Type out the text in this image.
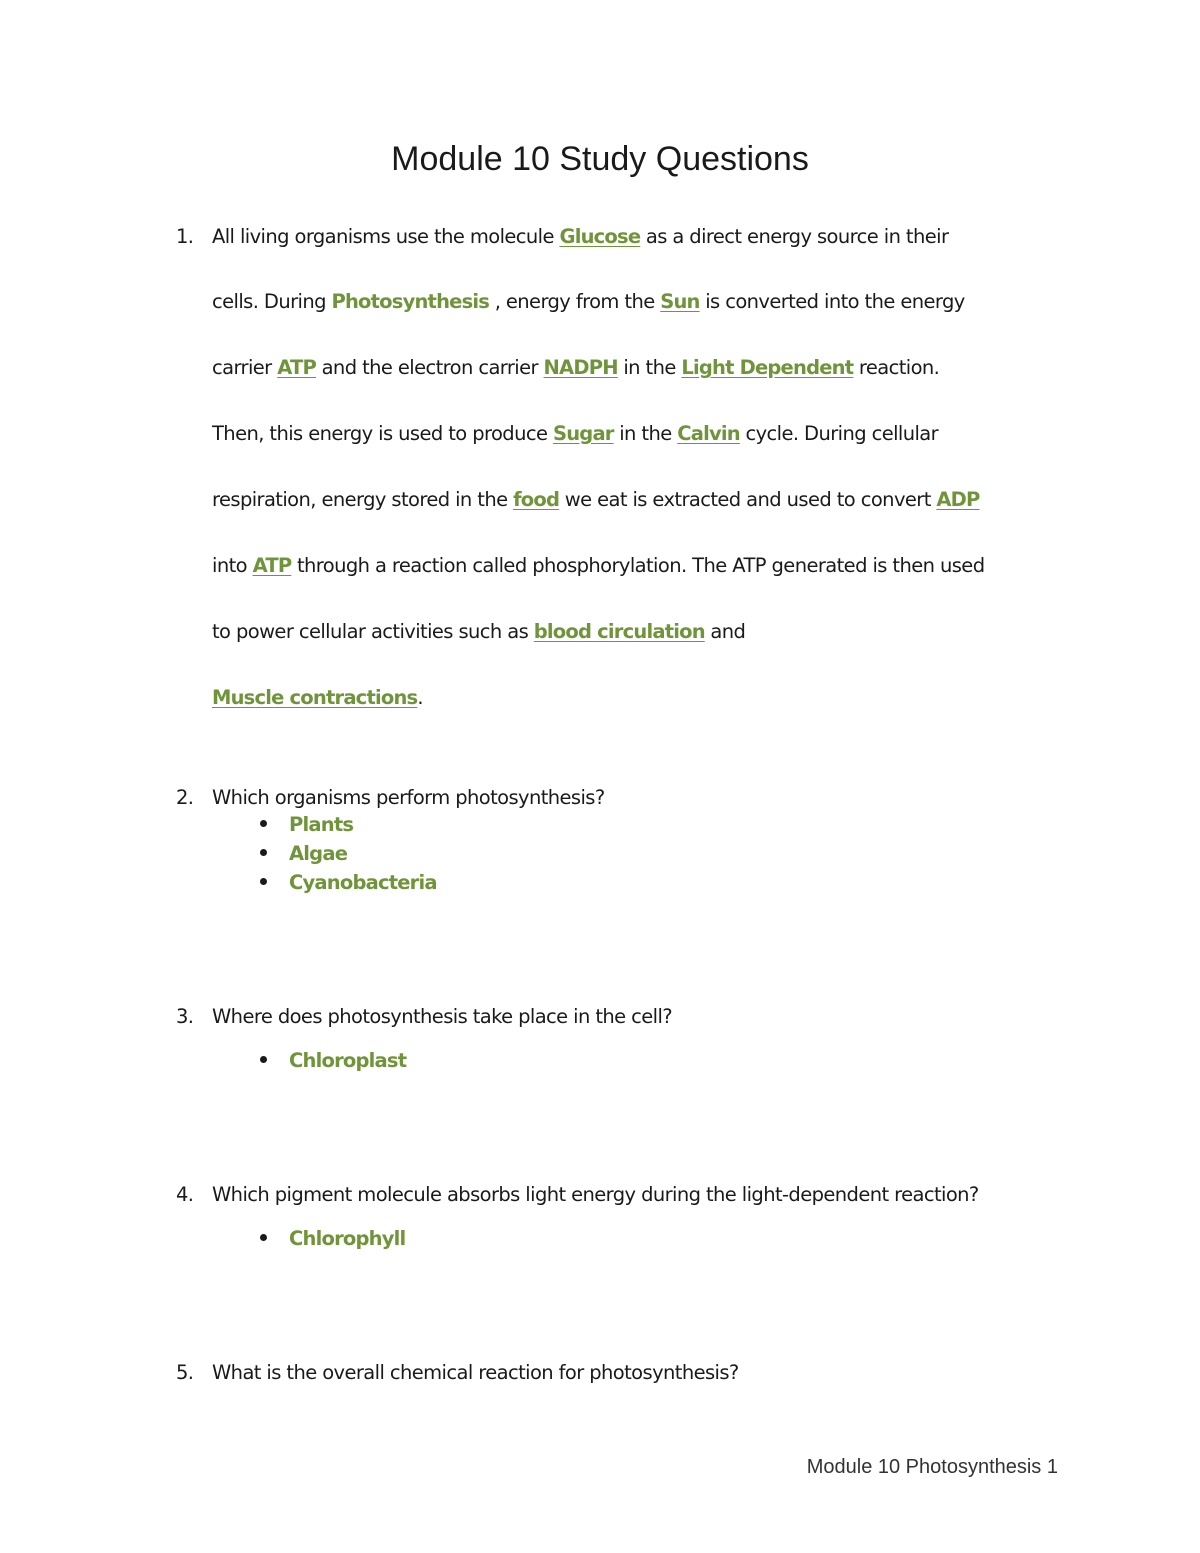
Module 10 Study Questions
1. All living organisms use the molecule Glucose as a direct energy source in their
cells. During Photosynthesis , energy from the Sun is converted into the energy
carrier ATP and the electron carrier NADPH in the Light Dependent reaction.
Then, this energy is used to produce Sugar in the Calvin cycle. During cellular
respiration, energy stored in the food we eat is extracted and used to convert ADP
into ATP through a reaction called phosphorylation. The ATP generated is then used
to power cellular activities such as blood circulation and
Muscle contractions.
2. Which organisms perform photosynthesis?
Plants
Algae
Cyanobacteria
3. Where does photosynthesis take place in the cell?
Chloroplast
4. Which pigment molecule absorbs light energy during the light-dependent reaction?
Chlorophyll
5. What is the overall chemical reaction for photosynthesis?
Module 10 Photosynthesis 1
